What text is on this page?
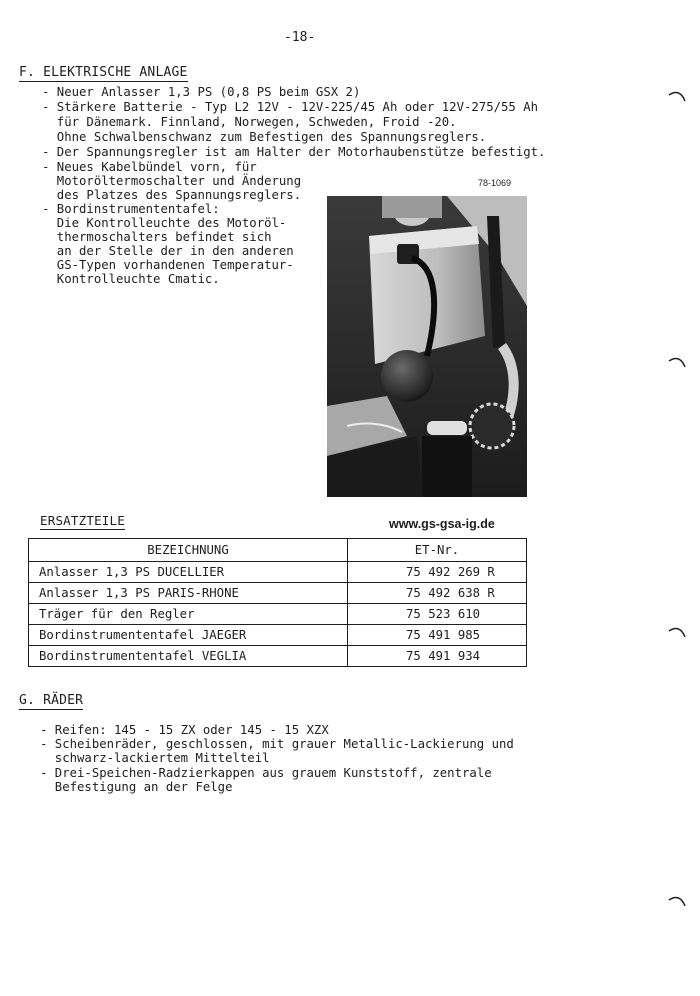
-18-
F. ELEKTRISCHE ANLAGE
- Neuer Anlasser 1,3 PS (0,8 PS beim GSX 2)
- Stärkere Batterie - Typ L2 12V - 12V-225/45 Ah oder 12V-275/55 Ah
für Dänemark. Finnland, Norwegen, Schweden, Froid -20.
Ohne Schwalbenschwanz zum Befestigen des Spannungsreglers.
- Der Spannungsregler ist am Halter der Motorhaubenstütze befestigt.
- Neues Kabelbündel vorn, für
Motoröltermoschalter und Änderung
des Platzes des Spannungsreglers.
- Bordinstrumententafel:
Die Kontrolleuchte des Motoröl-
thermoschalters befindet sich
an der Stelle der in den anderen
GS-Typen vorhandenen Temperatur-
Kontrolleuchte Cmatic.
78-1069
ERSATZTEILE	www.gs-gsa-ig.de
BEZEICHNUNG	ET-Nr.
Anlasser 1,3 PS DUCELLIER	75 492 269 R
Anlasser 1,3 PS PARIS-RHONE	75 492 638 R
Träger für den Regler	75 523 610
Bordinstrumententafel JAEGER	75 491 985
Bordinstrumententafel VEGLIA	75 491 934
G. RÄDER
- Reifen: 145 - 15 ZX oder 145 - 15 XZX
- Scheibenräder, geschlossen, mit grauer Metallic-Lackierung und
schwarz-lackiertem Mittelteil
- Drei-Speichen-Radzierkappen aus grauem Kunststoff, zentrale
Befestigung an der Felge
